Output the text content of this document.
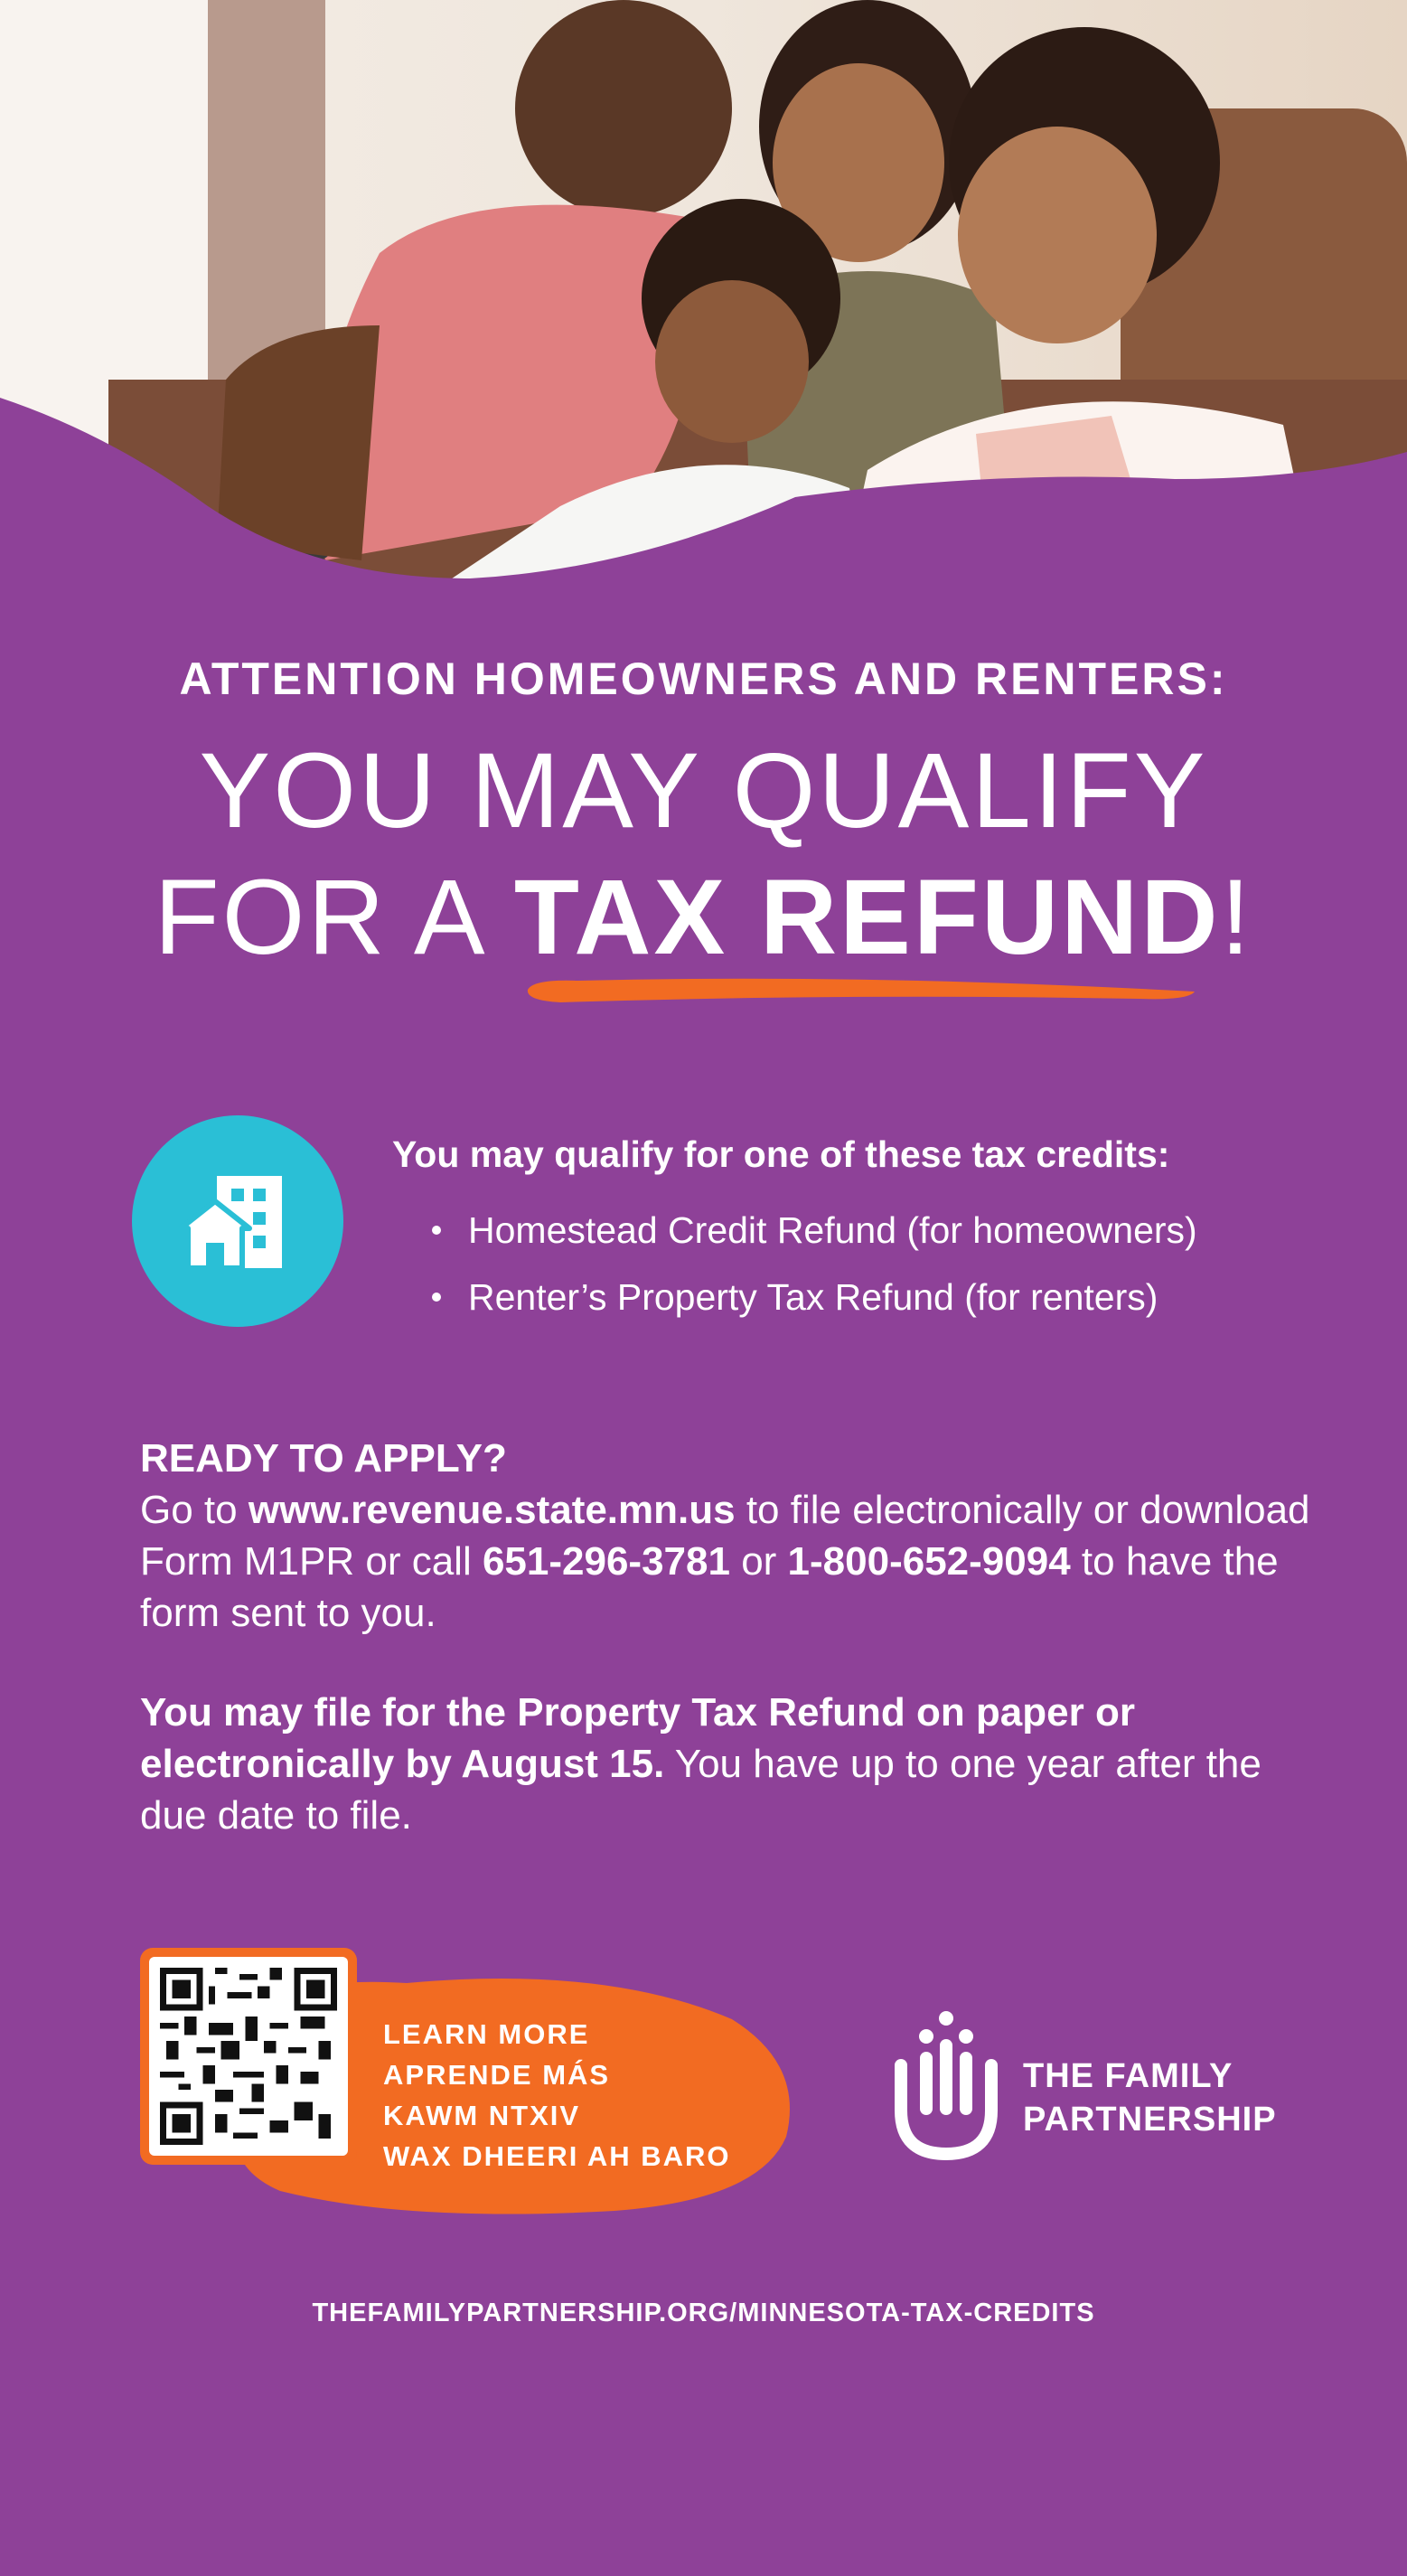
ATTENTION HOMEOWNERS AND RENTERS:
YOU MAY QUALIFY
FOR A TAX REFUND!
You may qualify for one of these tax credits:
Homestead Credit Refund (for homeowners)
Renter’s Property Tax Refund (for renters)
READY TO APPLY?
Go to www.revenue.state.mn.us to file electronically or download Form M1PR or call 651-296-3781 or 1-800-652-9094 to have the form sent to you.
You may file for the Property Tax Refund on paper or electronically by August 15. You have up to one year after the due date to file.
LEARN MORE
APRENDE MÁS
KAWM NTXIV
WAX DHEERI AH BARO
THE FAMILY
PARTNERSHIP
THEFAMILYPARTNERSHIP.ORG/MINNESOTA-TAX-CREDITS
